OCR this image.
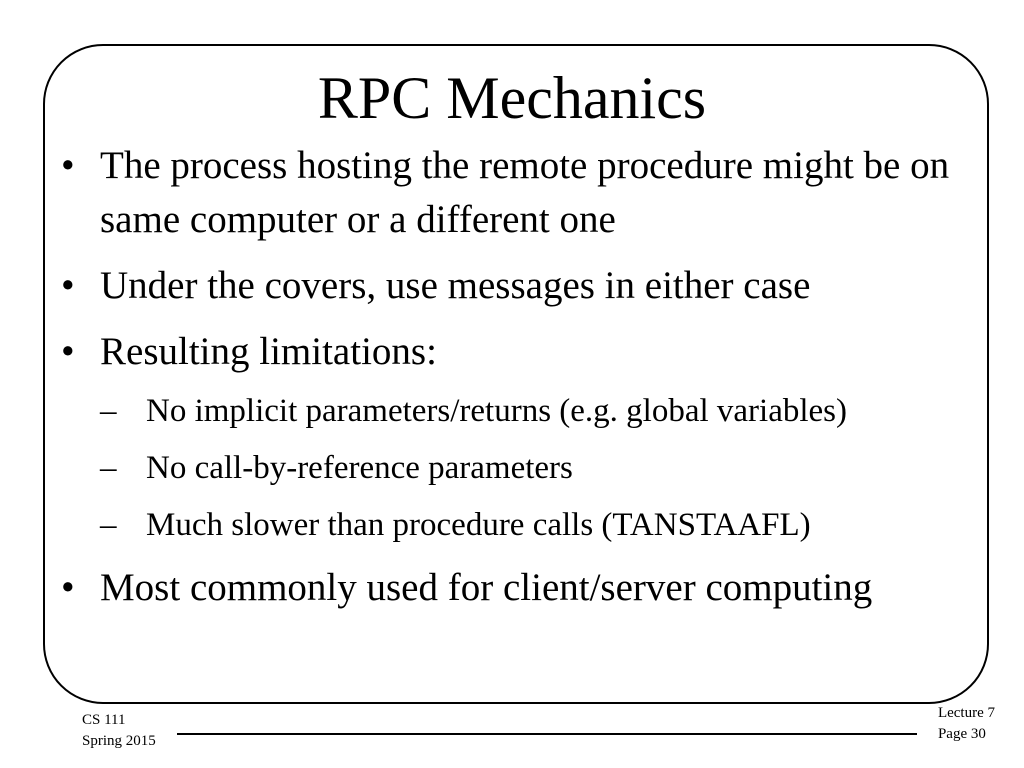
RPC Mechanics
• The process hosting the remote procedure might be on same computer or a different one
• Under the covers, use messages in either case
• Resulting limitations:
– No implicit parameters/returns (e.g. global variables)
– No call-by-reference parameters
– Much slower than procedure calls (TANSTAAFL)
• Most commonly used for client/server computing
CS 111
Spring 2015
Lecture 7
Page 30
